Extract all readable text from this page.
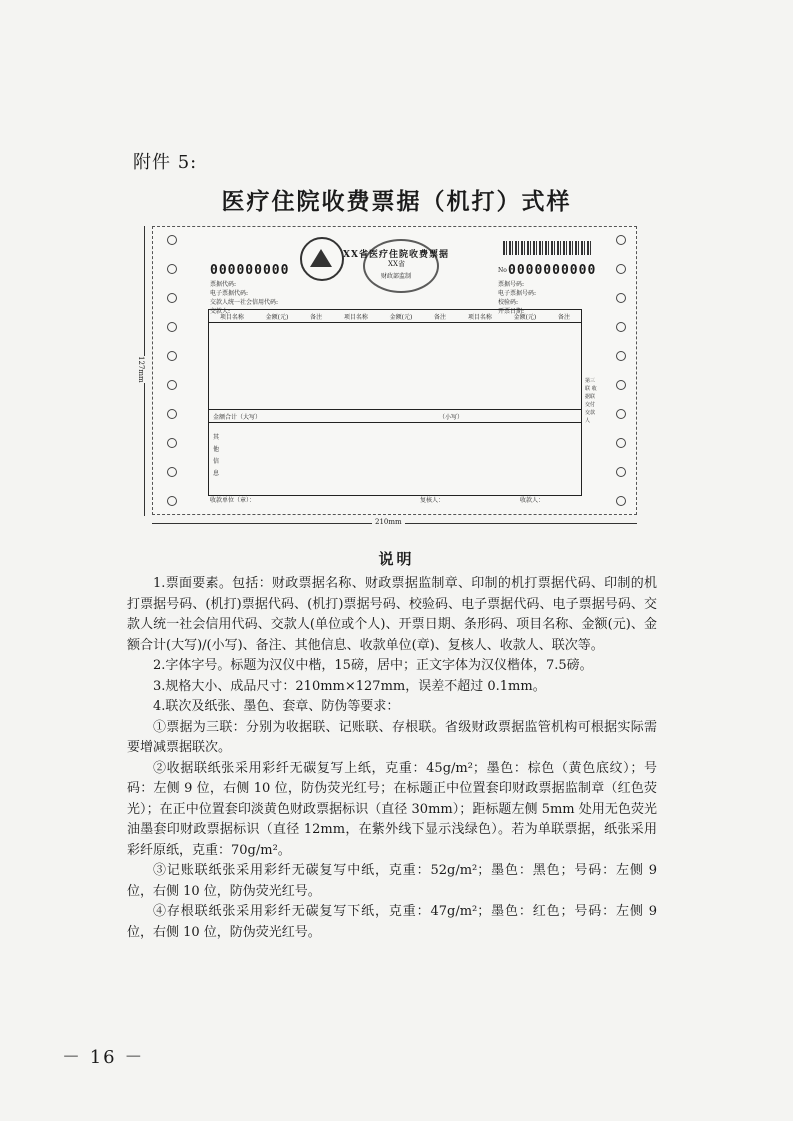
附件 5:
医疗住院收费票据（机打）式样
127mm
XX省医疗住院收费票据
XX省
财政部监制
000000000	No 0000000000
票据代码:
电子票据代码:
交款人统一社会信用代码:
交款人:
票据号码:
电子票据号码:
校验码:
开票日期:
项目名称	金额(元)	备注	项目名称	金额(元)	备注	项目名称	金额(元)	备注
金额合计（大写）	（小写）
其他信息
第三联 收据联 交付交款人
收款单位（章）：	复核人：	收款人：
210mm
说明

1.票面要素。包括：财政票据名称、财政票据监制章、印制的机打票据代码、印制的机打票据号码、(机打)票据代码、(机打)票据号码、校验码、电子票据代码、电子票据号码、交款人统一社会信用代码、交款人(单位或个人)、开票日期、条形码、项目名称、金额(元)、金额合计(大写)/(小写)、备注、其他信息、收款单位(章)、复核人、收款人、联次等。

2.字体字号。标题为汉仪中楷，15磅，居中；正文字体为汉仪楷体，7.5磅。

3.规格大小、成品尺寸：210mm×127mm，误差不超过 0.1mm。

4.联次及纸张、墨色、套章、防伪等要求：

①票据为三联：分别为收据联、记账联、存根联。省级财政票据监管机构可根据实际需要增减票据联次。

②收据联纸张采用彩纤无碳复写上纸，克重：45g/m²；墨色：棕色（黄色底纹）；号码：左侧 9 位，右侧 10 位，防伪荧光红号；在标题正中位置套印财政票据监制章（红色荧光）；在正中位置套印淡黄色财政票据标识（直径 30mm）；距标题左侧 5mm 处用无色荧光油墨套印财政票据标识（直径 12mm，在紫外线下显示浅绿色）。若为单联票据，纸张采用彩纤原纸，克重：70g/m²。

③记账联纸张采用彩纤无碳复写中纸，克重：52g/m²；墨色：黑色；号码：左侧 9 位，右侧 10 位，防伪荧光红号。

④存根联纸张采用彩纤无碳复写下纸，克重：47g/m²；墨色：红色；号码：左侧 9 位，右侧 10 位，防伪荧光红号。

－ 16 －
